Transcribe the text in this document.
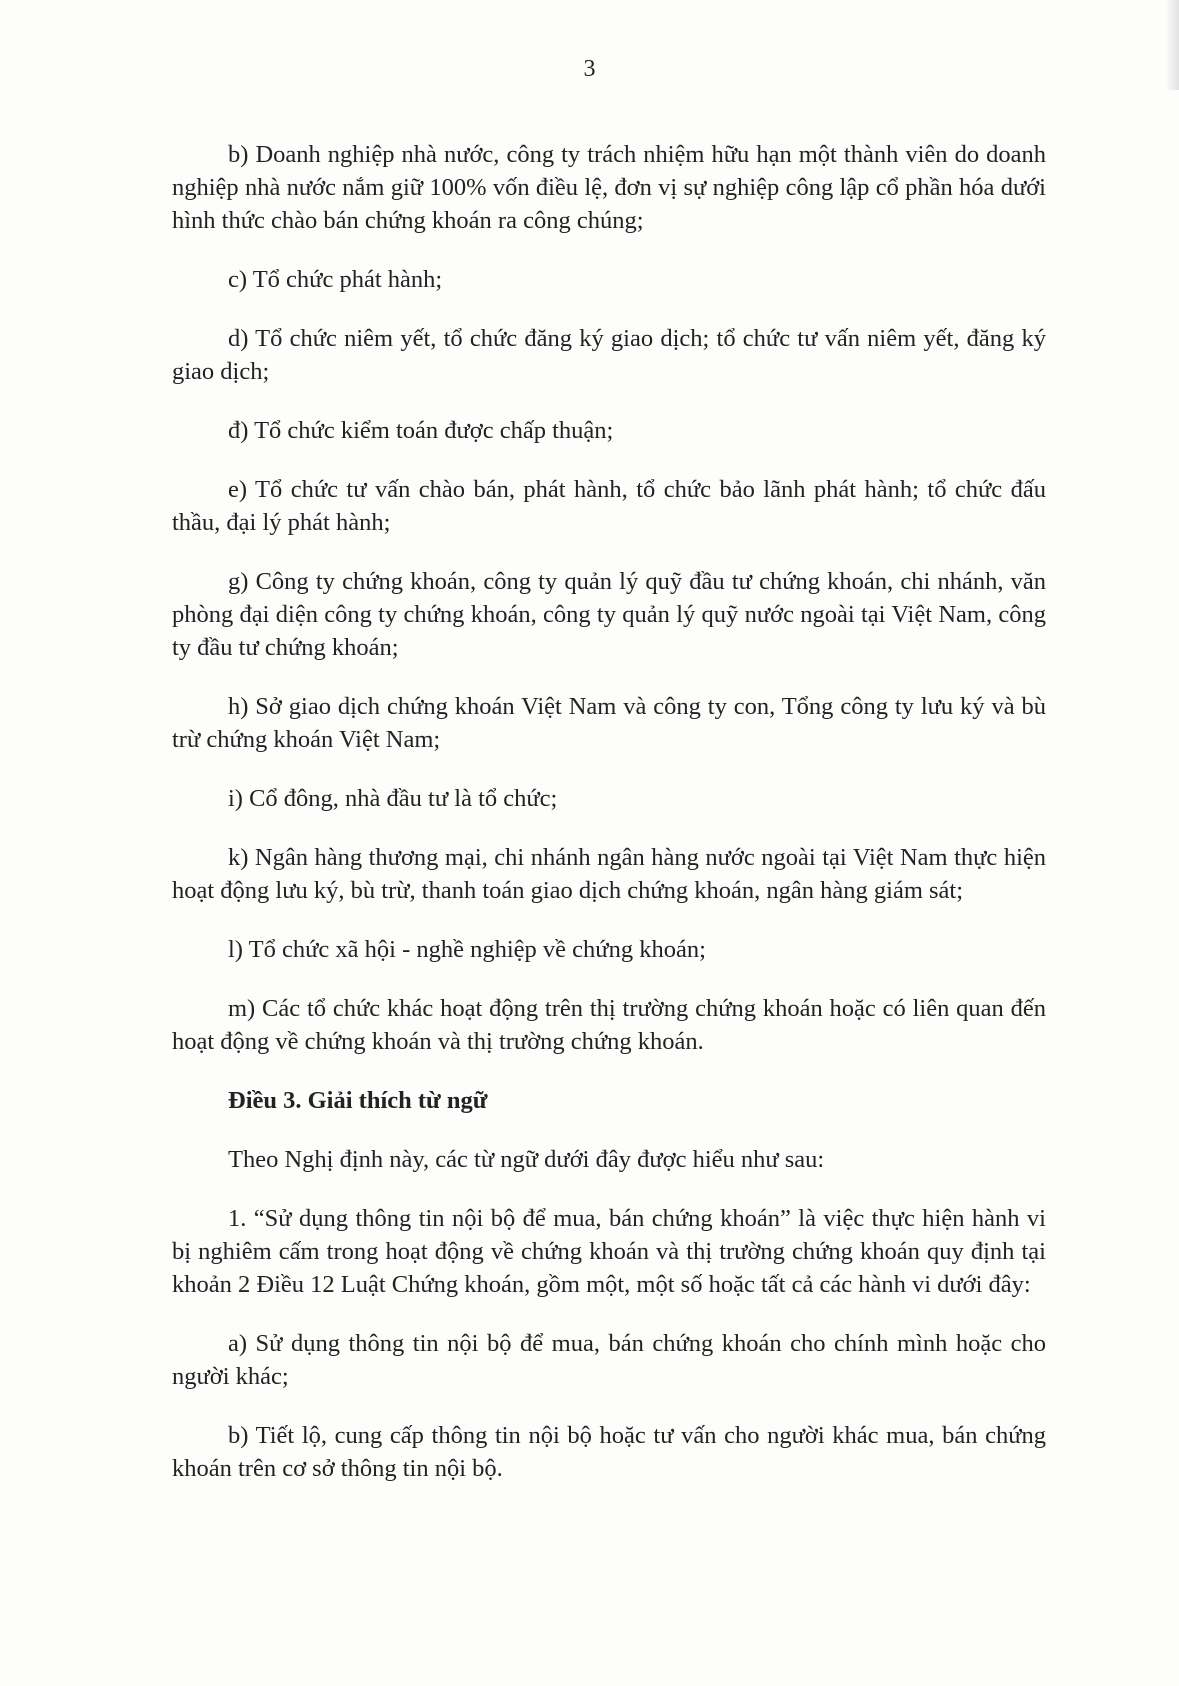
3

b) Doanh nghiệp nhà nước, công ty trách nhiệm hữu hạn một thành viên do doanh nghiệp nhà nước nắm giữ 100% vốn điều lệ, đơn vị sự nghiệp công lập cổ phần hóa dưới hình thức chào bán chứng khoán ra công chúng;

c) Tổ chức phát hành;

d) Tổ chức niêm yết, tổ chức đăng ký giao dịch; tổ chức tư vấn niêm yết, đăng ký giao dịch;

đ) Tổ chức kiểm toán được chấp thuận;

e) Tổ chức tư vấn chào bán, phát hành, tổ chức bảo lãnh phát hành; tổ chức đấu thầu, đại lý phát hành;

g) Công ty chứng khoán, công ty quản lý quỹ đầu tư chứng khoán, chi nhánh, văn phòng đại diện công ty chứng khoán, công ty quản lý quỹ nước ngoài tại Việt Nam, công ty đầu tư chứng khoán;

h) Sở giao dịch chứng khoán Việt Nam và công ty con, Tổng công ty lưu ký và bù trừ chứng khoán Việt Nam;

i) Cổ đông, nhà đầu tư là tổ chức;

k) Ngân hàng thương mại, chi nhánh ngân hàng nước ngoài tại Việt Nam thực hiện hoạt động lưu ký, bù trừ, thanh toán giao dịch chứng khoán, ngân hàng giám sát;

l) Tổ chức xã hội - nghề nghiệp về chứng khoán;

m) Các tổ chức khác hoạt động trên thị trường chứng khoán hoặc có liên quan đến hoạt động về chứng khoán và thị trường chứng khoán.

Điều 3. Giải thích từ ngữ

Theo Nghị định này, các từ ngữ dưới đây được hiểu như sau:

1. “Sử dụng thông tin nội bộ để mua, bán chứng khoán” là việc thực hiện hành vi bị nghiêm cấm trong hoạt động về chứng khoán và thị trường chứng khoán quy định tại khoản 2 Điều 12 Luật Chứng khoán, gồm một, một số hoặc tất cả các hành vi dưới đây:

a) Sử dụng thông tin nội bộ để mua, bán chứng khoán cho chính mình hoặc cho người khác;

b) Tiết lộ, cung cấp thông tin nội bộ hoặc tư vấn cho người khác mua, bán chứng khoán trên cơ sở thông tin nội bộ.
